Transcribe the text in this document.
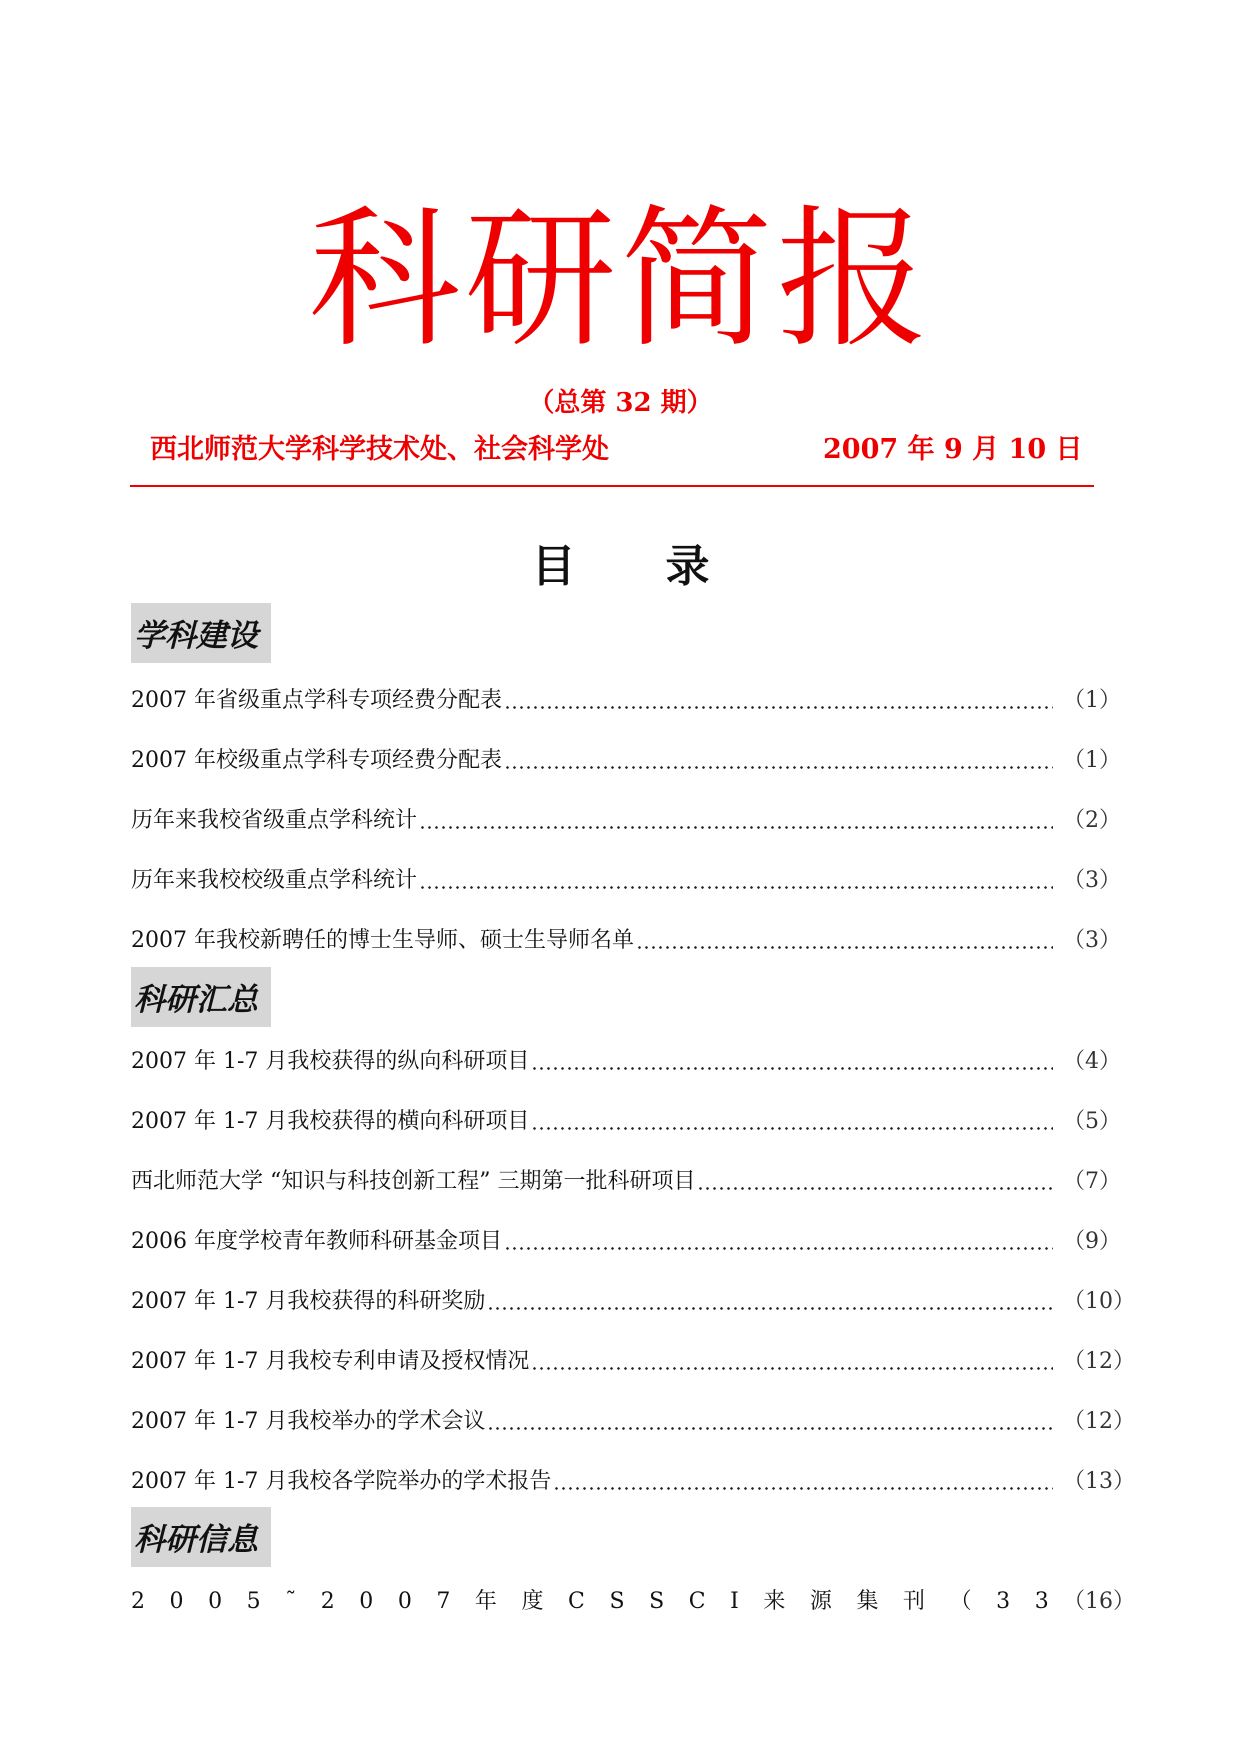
科研简报
（总第 32 期）
西北师范大学科学技术处、社会科学处	2007 年 9 月 10 日
目录
学科建设
2007 年省级重点学科专项经费分配表	（1）
2007 年校级重点学科专项经费分配表	（1）
历年来我校省级重点学科统计	（2）
历年来我校校级重点学科统计	（3）
2007 年我校新聘任的博士生导师、硕士生导师名单	（3）
科研汇总
2007 年 1-7 月我校获得的纵向科研项目	（4）
2007 年 1-7 月我校获得的横向科研项目	（5）
西北师范大学 “知识与科技创新工程” 三期第一批科研项目	（7）
2006 年度学校青年教师科研基金项目	（9）
2007 年 1-7 月我校获得的科研奖励	（10）
2007 年 1-7 月我校专利申请及授权情况	（12）
2007 年 1-7 月我校举办的学术会议	（12）
2007 年 1-7 月我校各学院举办的学术报告	（13）
科研信息
2 0 0 5 ˜ 2 0 0 7 年 度 C S S C I 来 源 集 刊 （ 3 3 （16）
